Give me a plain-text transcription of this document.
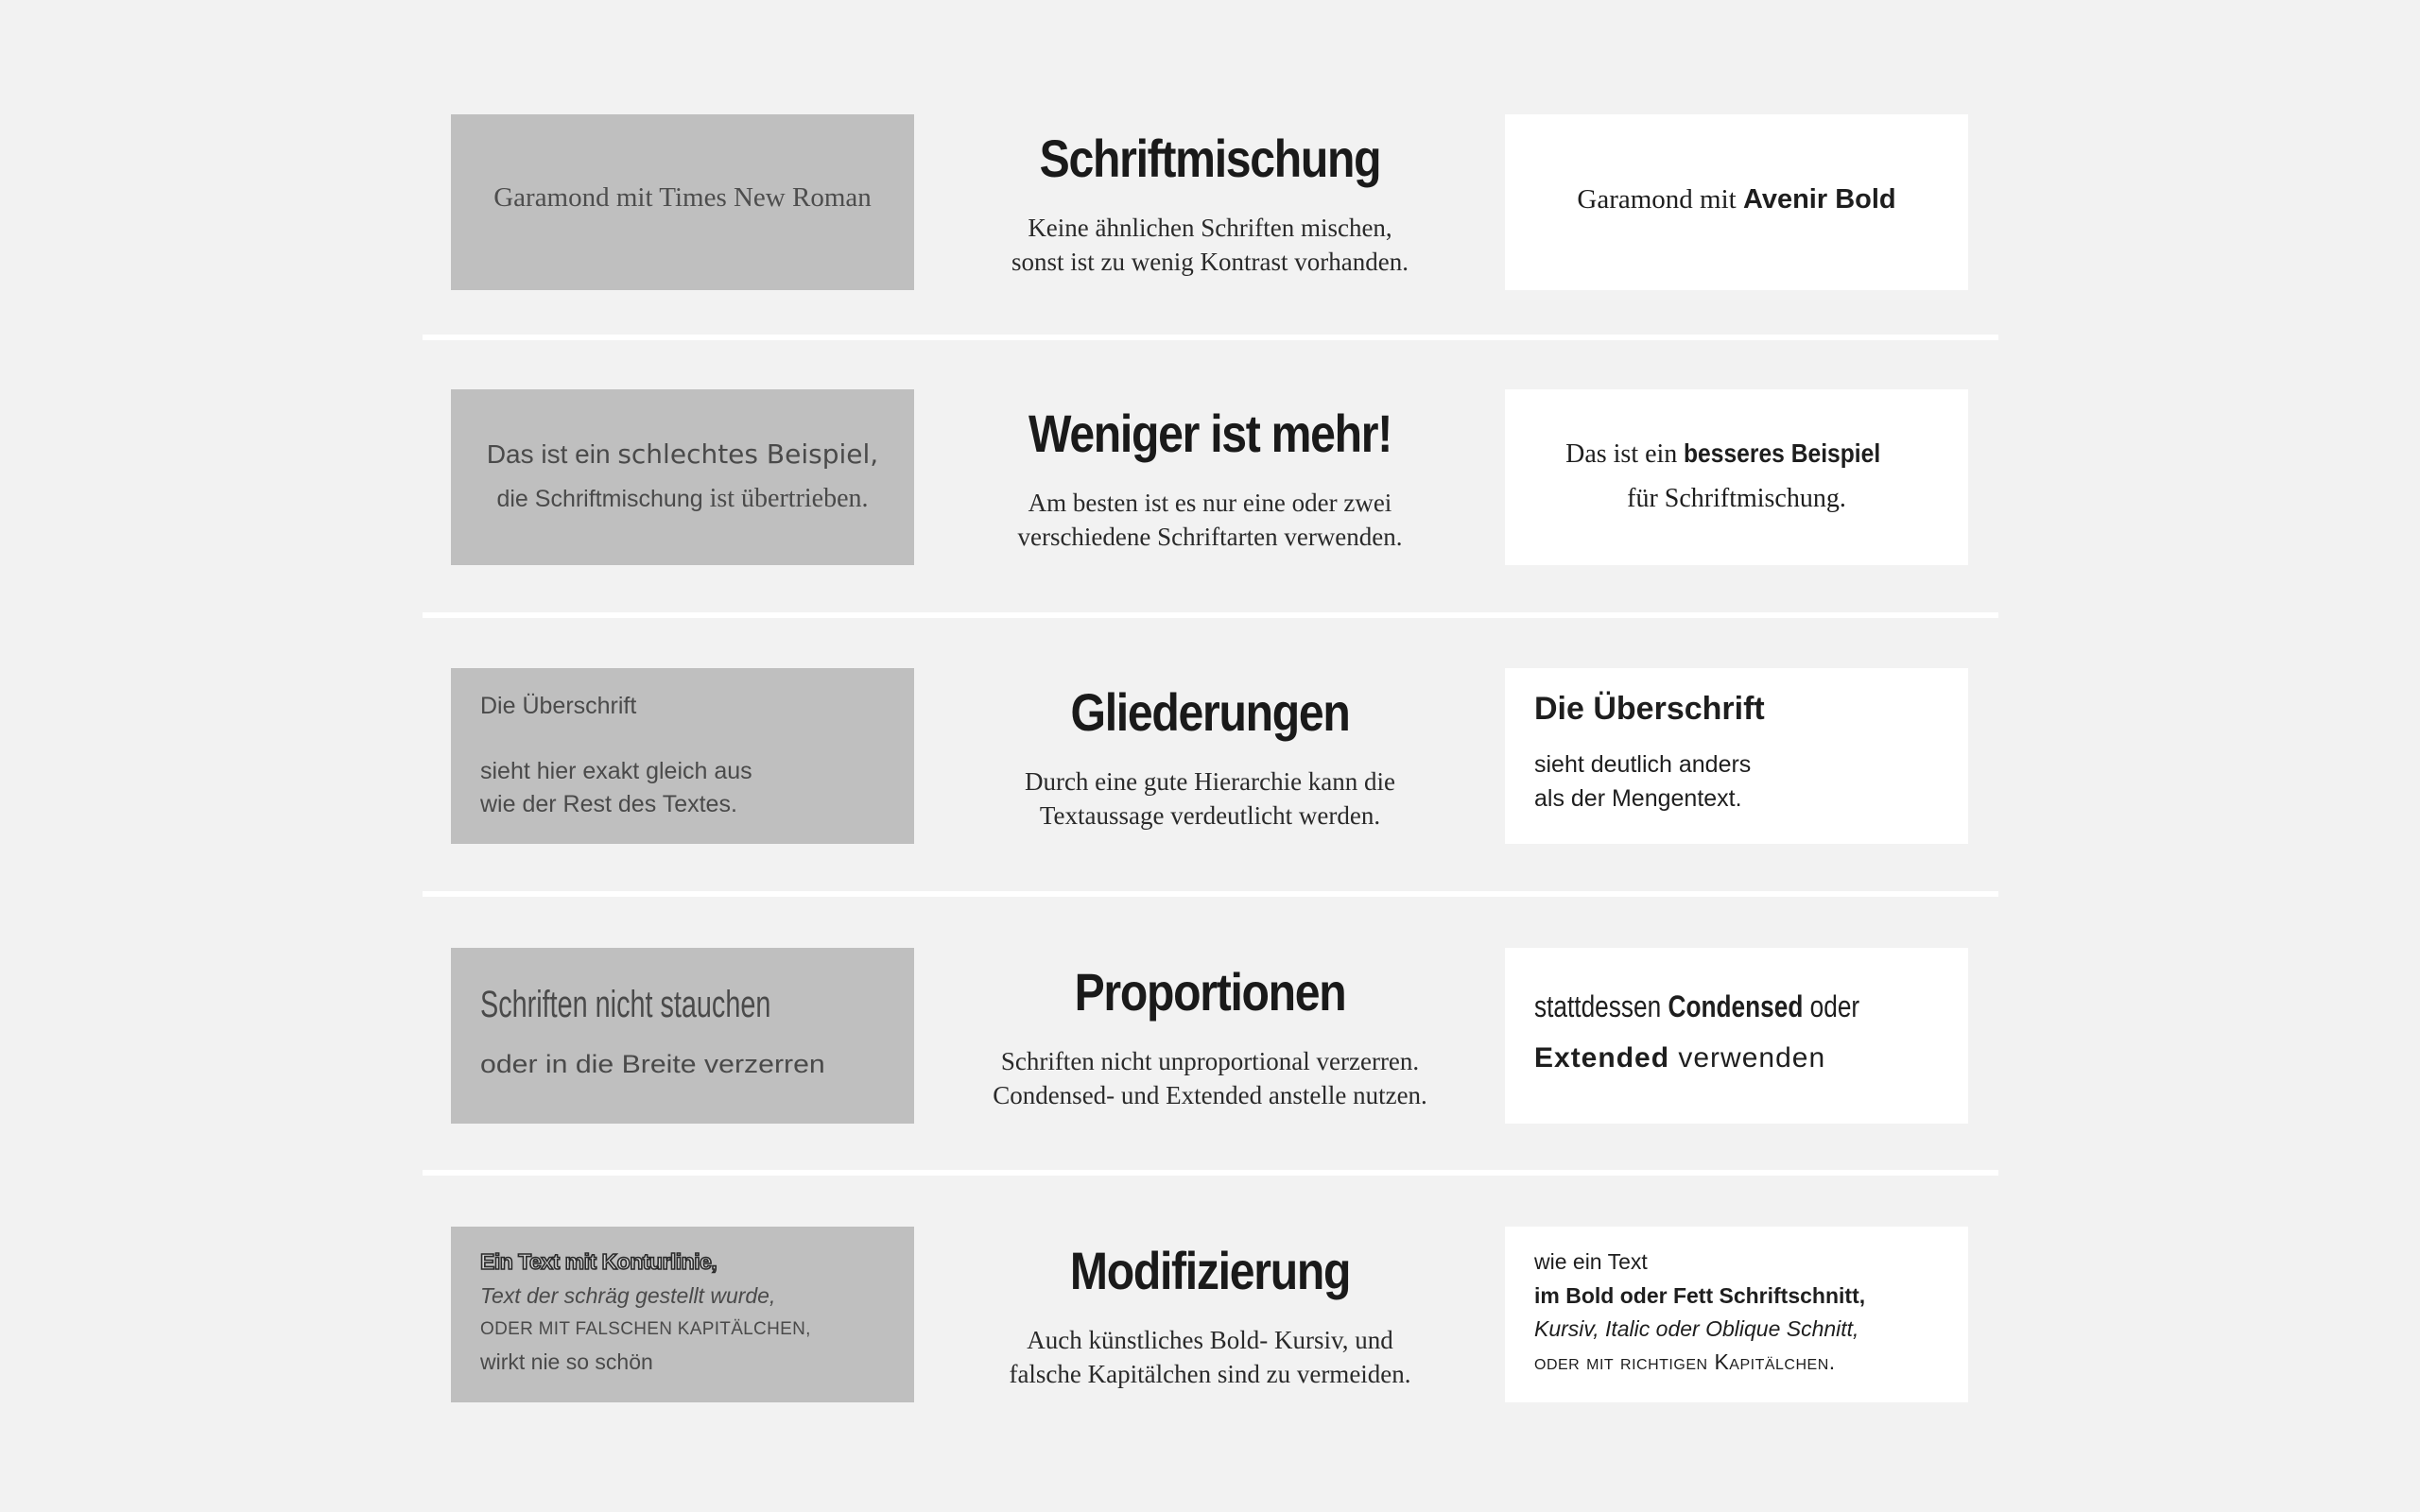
Garamond mit Times New Roman
Schriftmischung
Keine ähnlichen Schriften mischen,
sonst ist zu wenig Kontrast vorhanden.
Garamond mit Avenir Bold
Das ist ein schlechtes Beispiel,
die Schriftmischung ist übertrieben.
Weniger ist mehr!
Am besten ist es nur eine oder zwei
verschiedene Schriftarten verwenden.
Das ist ein besseres Beispiel
für Schriftmischung.
Die Überschrift
sieht hier exakt gleich aus
wie der Rest des Textes.
Gliederungen
Durch eine gute Hierarchie kann die
Textaussage verdeutlicht werden.
Die Überschrift
sieht deutlich anders
als der Mengentext.
Schriften nicht stauchen
oder in die Breite verzerren
Proportionen
Schriften nicht unproportional verzerren.
Condensed- und Extended anstelle nutzen.
stattdessen Condensed oder
Extended verwenden
Ein Text mit Konturlinie,
Text der schräg gestellt wurde,
ODER MIT FALSCHEN KAPITÄLCHEN,
wirkt nie so schön
Modifizierung
Auch künstliches Bold- Kursiv, und
falsche Kapitälchen sind zu vermeiden.
wie ein Text
im Bold oder Fett Schriftschnitt,
Kursiv, Italic oder Oblique Schnitt,
oder mit richtigen Kapitälchen.
